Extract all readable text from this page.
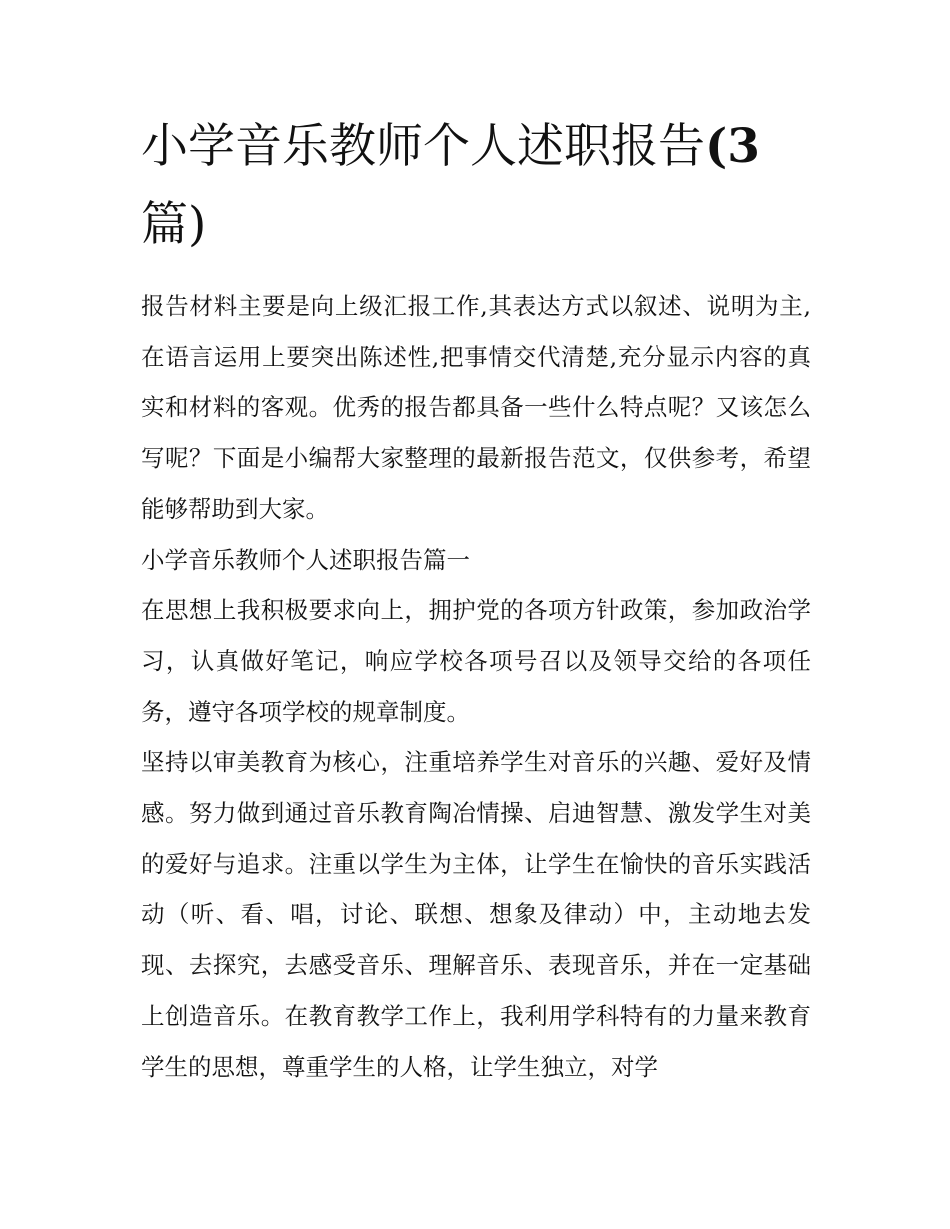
小学音乐教师个人述职报告(3篇)

报告材料主要是向上级汇报工作,其表达方式以叙述、说明为主,在语言运用上要突出陈述性,把事情交代清楚,充分显示内容的真实和材料的客观。优秀的报告都具备一些什么特点呢？又该怎么写呢？下面是小编帮大家整理的最新报告范文，仅供参考，希望能够帮助到大家。

小学音乐教师个人述职报告篇一

在思想上我积极要求向上，拥护党的各项方针政策，参加政治学习，认真做好笔记，响应学校各项号召以及领导交给的各项任务，遵守各项学校的规章制度。

坚持以审美教育为核心，注重培养学生对音乐的兴趣、爱好及情感。努力做到通过音乐教育陶冶情操、启迪智慧、激发学生对美的爱好与追求。注重以学生为主体，让学生在愉快的音乐实践活动（听、看、唱，讨论、联想、想象及律动）中，主动地去发现、去探究，去感受音乐、理解音乐、表现音乐，并在一定基础上创造音乐。在教育教学工作上，我利用学科特有的力量来教育学生的思想，尊重学生的人格，让学生独立，对学
